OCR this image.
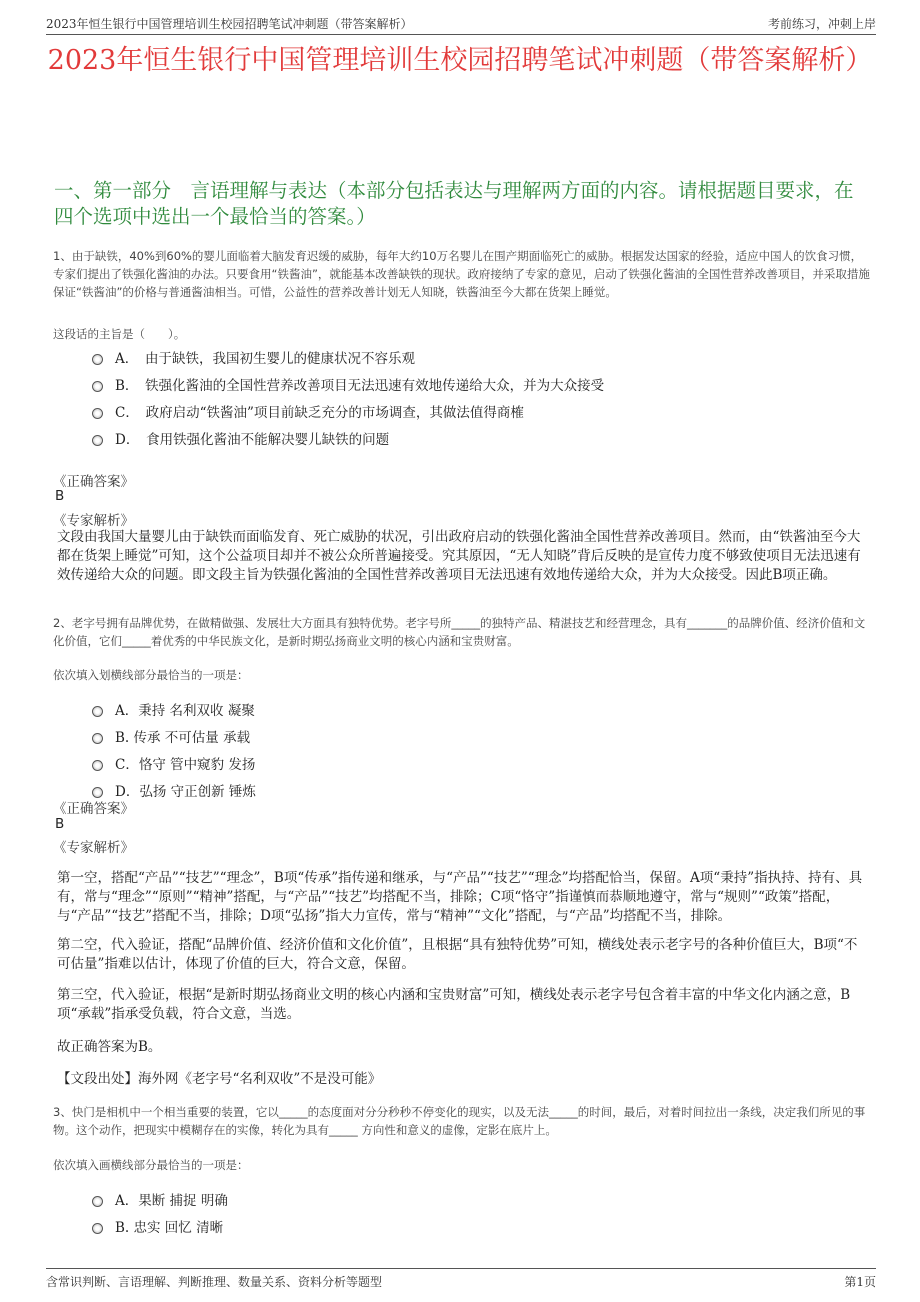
2023年恒生银行中国管理培训生校园招聘笔试冲刺题（带答案解析）	考前练习，冲刺上岸
2023年恒生银行中国管理培训生校园招聘笔试冲刺题（带答案解析）
一、第一部分　言语理解与表达（本部分包括表达与理解两方面的内容。请根据题目要求，在四个选项中选出一个最恰当的答案。）
1、由于缺铁，40%到60%的婴儿面临着大脑发育迟缓的威胁，每年大约10万名婴儿在围产期面临死亡的威胁。根据发达国家的经验，适应中国人的饮食习惯，专家们提出了铁强化酱油的办法。只要食用“铁酱油”，就能基本改善缺铁的现状。政府接纳了专家的意见，启动了铁强化酱油的全国性营养改善项目，并采取措施保证“铁酱油”的价格与普通酱油相当。可惜，公益性的营养改善计划无人知晓，铁酱油至今大都在货架上睡觉。
这段话的主旨是（　　）。
A．　由于缺铁，我国初生婴儿的健康状况不容乐观
B．　铁强化酱油的全国性营养改善项目无法迅速有效地传递给大众，并为大众接受
C．　政府启动“铁酱油”项目前缺乏充分的市场调查，其做法值得商榷
D．　食用铁强化酱油不能解决婴儿缺铁的问题
《正确答案》
B
《专家解析》
文段由我国大量婴儿由于缺铁而面临发育、死亡威胁的状况，引出政府启动的铁强化酱油全国性营养改善项目。然而，由“铁酱油至今大都在货架上睡觉”可知，这个公益项目却并不被公众所普遍接受。究其原因，“无人知晓”背后反映的是宣传力度不够致使项目无法迅速有效传递给大众的问题。即文段主旨为铁强化酱油的全国性营养改善项目无法迅速有效地传递给大众，并为大众接受。因此B项正确。
2、老字号拥有品牌优势，在做精做强、发展壮大方面具有独特优势。老字号所_____的独特产品、精湛技艺和经营理念，具有_______的品牌价值、经济价值和文化价值，它们_____着优秀的中华民族文化，是新时期弘扬商业文明的核心内涵和宝贵财富。
依次填入划横线部分最恰当的一项是：
A．秉持 名利双收 凝聚
B. 传承 不可估量 承载
C．恪守 管中窥豹 发扬
D．弘扬 守正创新 锤炼
《正确答案》
B
《专家解析》
第一空，搭配“产品”“技艺”“理念”，B项“传承”指传递和继承，与“产品”“技艺”“理念”均搭配恰当，保留。A项“秉持”指执持、持有、具有，常与“理念”“原则”“精神”搭配，与“产品”“技艺”均搭配不当，排除；C项“恪守”指谨慎而恭顺地遵守，常与“规则”“政策”搭配，与“产品”“技艺”搭配不当，排除；D项“弘扬”指大力宣传，常与“精神”“文化”搭配，与“产品”均搭配不当，排除。
第二空，代入验证，搭配“品牌价值、经济价值和文化价值”，且根据“具有独特优势”可知，横线处表示老字号的各种价值巨大，B项“不可估量”指难以估计，体现了价值的巨大，符合文意，保留。
第三空，代入验证，根据“是新时期弘扬商业文明的核心内涵和宝贵财富”可知，横线处表示老字号包含着丰富的中华文化内涵之意，B项“承载”指承受负载，符合文意，当选。
故正确答案为B。
【文段出处】海外网《老字号“名利双收”不是没可能》
3、快门是相机中一个相当重要的装置，它以_____的态度面对分分秒秒不停变化的现实，以及无法_____的时间，最后，对着时间拉出一条线，决定我们所见的事物。这个动作，把现实中模糊存在的实像，转化为具有_____ 方向性和意义的虚像，定影在底片上。
依次填入画横线部分最恰当的一项是：
A．果断 捕捉 明确
B. 忠实 回忆 清晰
含常识判断、言语理解、判断推理、数量关系、资料分析等题型	第1页
